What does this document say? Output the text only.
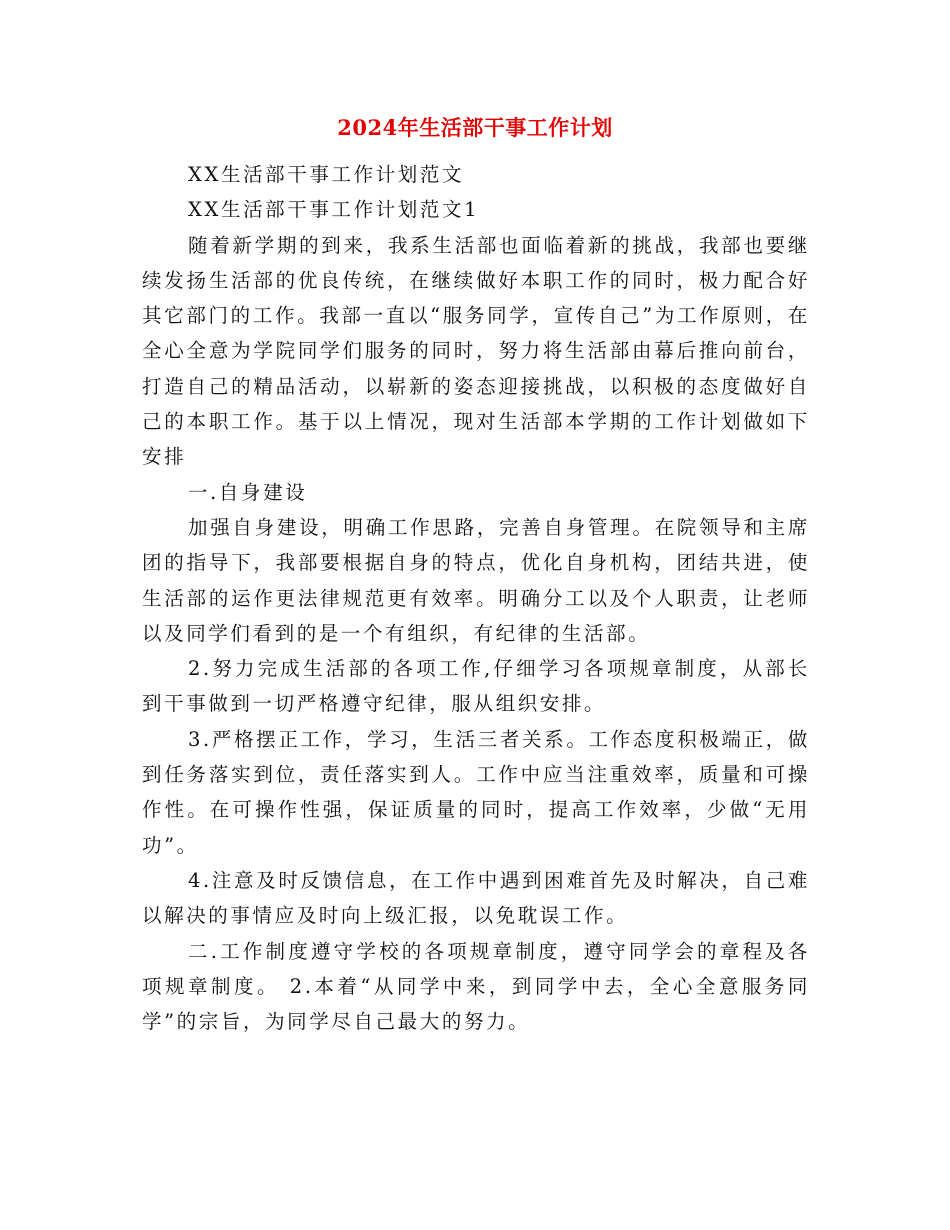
2024年生活部干事工作计划

XX生活部干事工作计划范文

XX生活部干事工作计划范文1

随着新学期的到来，我系生活部也面临着新的挑战，我部也要继续发扬生活部的优良传统，在继续做好本职工作的同时，极力配合好其它部门的工作。我部一直以“服务同学，宣传自己”为工作原则，在全心全意为学院同学们服务的同时，努力将生活部由幕后推向前台，打造自己的精品活动，以崭新的姿态迎接挑战，以积极的态度做好自己的本职工作。基于以上情况，现对生活部本学期的工作计划做如下安排

一.自身建设

加强自身建设，明确工作思路，完善自身管理。在院领导和主席团的指导下，我部要根据自身的特点，优化自身机构，团结共进，使生活部的运作更法律规范更有效率。明确分工以及个人职责，让老师以及同学们看到的是一个有组织，有纪律的生活部。

2.努力完成生活部的各项工作,仔细学习各项规章制度，从部长到干事做到一切严格遵守纪律，服从组织安排。

3.严格摆正工作，学习，生活三者关系。工作态度积极端正，做到任务落实到位，责任落实到人。工作中应当注重效率，质量和可操作性。在可操作性强，保证质量的同时，提高工作效率，少做“无用功”。

4.注意及时反馈信息，在工作中遇到困难首先及时解决，自己难以解决的事情应及时向上级汇报，以免耽误工作。

二.工作制度遵守学校的各项规章制度，遵守同学会的章程及各项规章制度。 2.本着“从同学中来，到同学中去，全心全意服务同学”的宗旨，为同学尽自己最大的努力。
